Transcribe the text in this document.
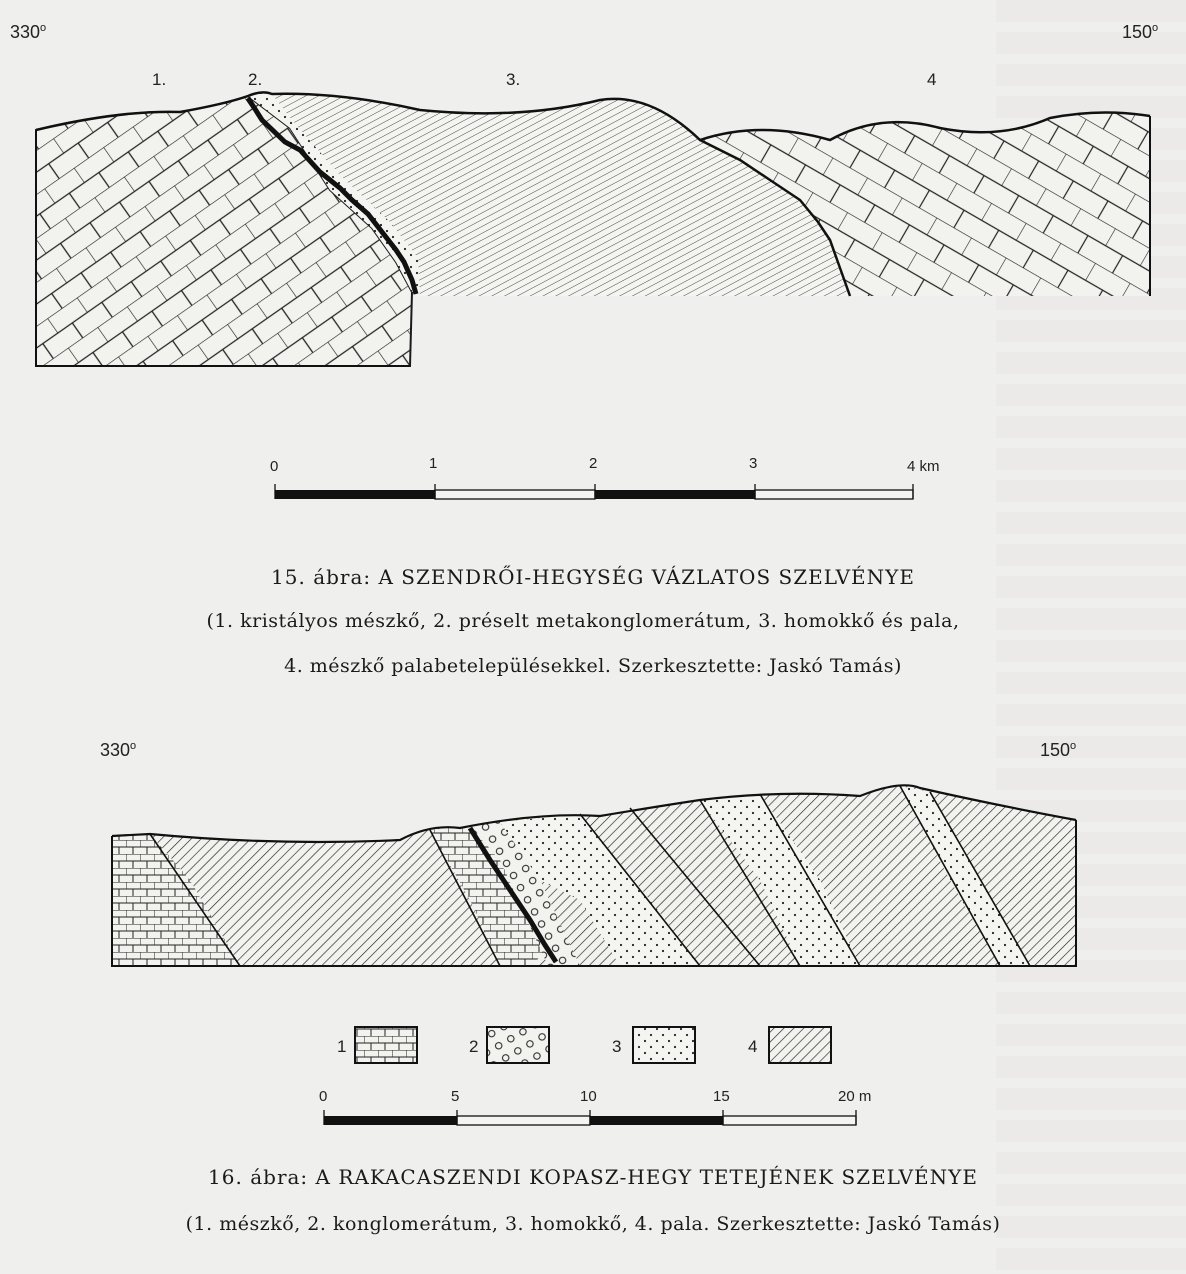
330$^o$	150$^o$
1.	2.	3.	4
0	1	2	3	4 km
15. ábra: A SZENDRŐI-HEGYSÉG VÁZLATOS SZELVÉNYE
(1. kristályos mészkő, 2. préselt metakonglomerátum, 3. homokkő és pala,
4. mészkő palabetelepülésekkel. Szerkesztette: Jaskó Tamás)
330$^o$	150$^o$
1	2	3	4
0	5	10	15	20 m
16. ábra: A RAKACASZENDI KOPASZ-HEGY TETEJÉNEK SZELVÉNYE
(1. mészkő, 2. konglomerátum, 3. homokkő, 4. pala. Szerkesztette: Jaskó Tamás)
